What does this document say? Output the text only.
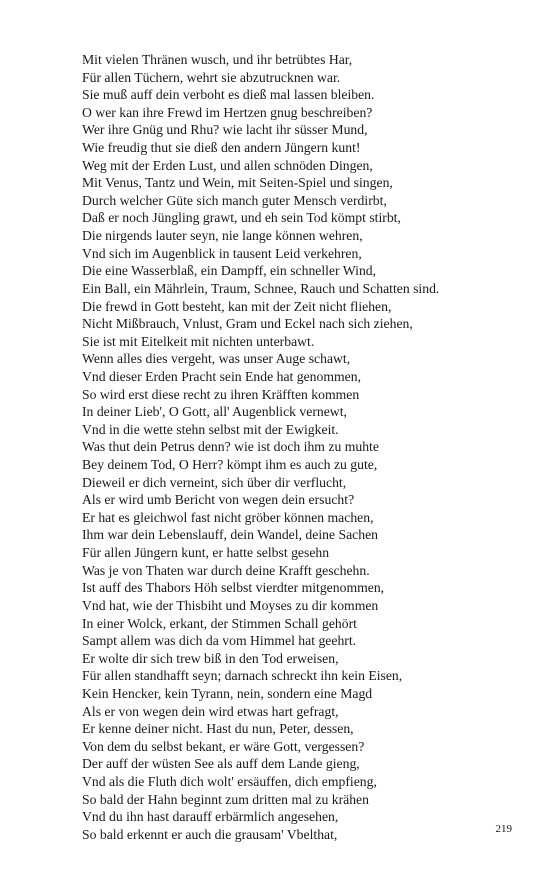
Mit vielen Thränen wusch, und ihr betrübtes Har,
Für allen Tüchern, wehrt sie abzutrucknen war.
Sie muß auff dein verboht es dieß mal lassen bleiben.
O wer kan ihre Frewd im Hertzen gnug beschreiben?
Wer ihre Gnüg und Rhu? wie lacht ihr süsser Mund,
Wie freudig thut sie dieß den andern Jüngern kunt!
Weg mit der Erden Lust, und allen schnöden Dingen,
Mit Venus, Tantz und Wein, mit Seiten-Spiel und singen,
Durch welcher Güte sich manch guter Mensch verdirbt,
Daß er noch Jüngling grawt, und eh sein Tod kömpt stirbt,
Die nirgends lauter seyn, nie lange können wehren,
Vnd sich im Augenblick in tausent Leid verkehren,
Die eine Wasserblaß, ein Dampff, ein schneller Wind,
Ein Ball, ein Mährlein, Traum, Schnee, Rauch und Schatten sind.
Die frewd in Gott besteht, kan mit der Zeit nicht fliehen,
Nicht Mißbrauch, Vnlust, Gram und Eckel nach sich ziehen,
Sie ist mit Eitelkeit mit nichten unterbawt.
Wenn alles dies vergeht, was unser Auge schawt,
Vnd dieser Erden Pracht sein Ende hat genommen,
So wird erst diese recht zu ihren Kräfften kommen
In deiner Lieb', O Gott, all' Augenblick vernewt,
Vnd in die wette stehn selbst mit der Ewigkeit.
Was thut dein Petrus denn? wie ist doch ihm zu muhte
Bey deinem Tod, O Herr? kömpt ihm es auch zu gute,
Dieweil er dich verneint, sich über dir verflucht,
Als er wird umb Bericht von wegen dein ersucht?
Er hat es gleichwol fast nicht gröber können machen,
Ihm war dein Lebenslauff, dein Wandel, deine Sachen
Für allen Jüngern kunt, er hatte selbst gesehn
Was je von Thaten war durch deine Krafft geschehn.
Ist auff des Thabors Höh selbst vierdter mitgenommen,
Vnd hat, wie der Thisbiht und Moyses zu dir kommen
In einer Wolck, erkant, der Stimmen Schall gehört
Sampt allem was dich da vom Himmel hat geehrt.
Er wolte dir sich trew biß in den Tod erweisen,
Für allen standhafft seyn; darnach schreckt ihn kein Eisen,
Kein Hencker, kein Tyrann, nein, sondern eine Magd
Als er von wegen dein wird etwas hart gefragt,
Er kenne deiner nicht. Hast du nun, Peter, dessen,
Von dem du selbst bekant, er wäre Gott, vergessen?
Der auff der wüsten See als auff dem Lande gieng,
Vnd als die Fluth dich wolt' ersäuffen, dich empfieng,
So bald der Hahn beginnt zum dritten mal zu krähen
Vnd du ihn hast darauff erbärmlich angesehen,
So bald erkennt er auch die grausam' Vbelthat,	219
